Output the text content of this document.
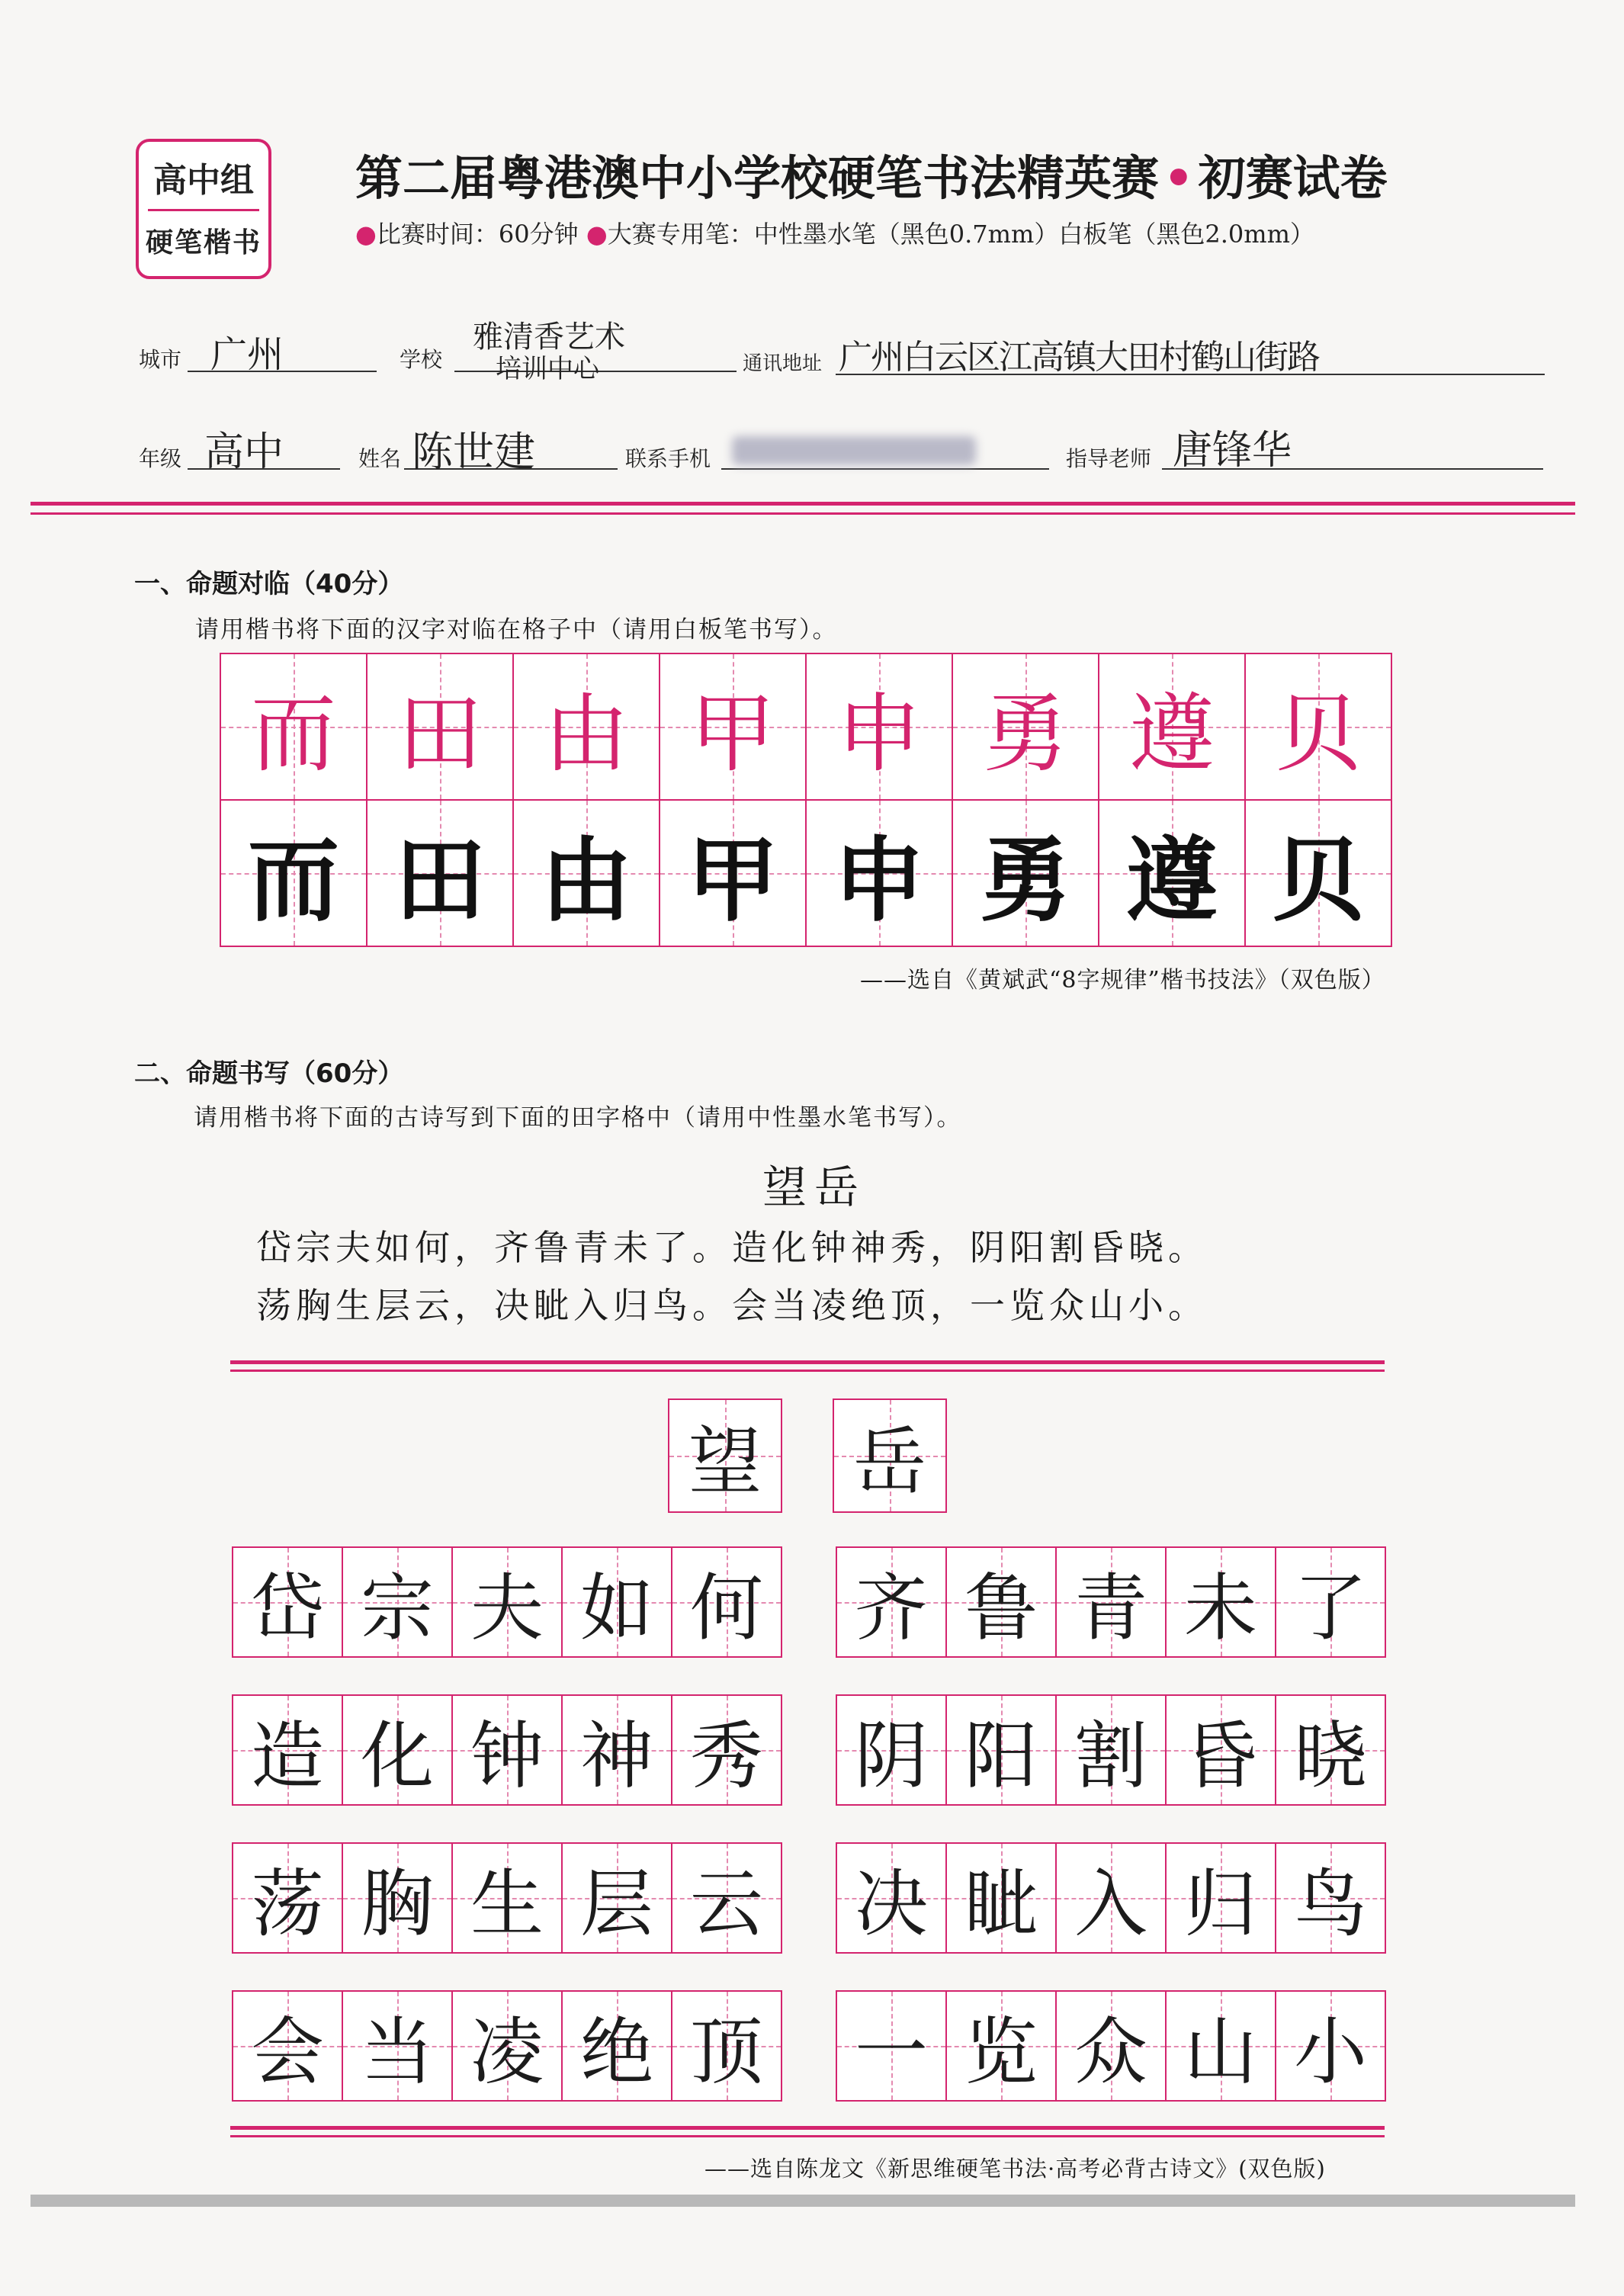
高中组
硬笔楷书
第二届粤港澳中小学校硬笔书法精英赛•初赛试卷
●比赛时间：60分钟 ●大赛专用笔：中性墨水笔（黑色0.7mm）白板笔（黑色2.0mm）
城市 广州	学校
雅清香艺术
培训中心	通讯地址 广州白云区江高镇大田村鹤山街路
年级 高中	姓名 陈世建	联系手机	指导老师 唐锋华
一、命题对临（40分）
请用楷书将下面的汉字对临在格子中（请用白板笔书写）。
而 田 由 甲 申 勇 遵 贝
而 田 由 甲 申 勇 遵 贝
——选自《黄斌武“8字规律”楷书技法》（双色版）
二、命题书写（60分）
请用楷书将下面的古诗写到下面的田字格中（请用中性墨水笔书写）。
望岳
岱宗夫如何，齐鲁青未了。造化钟神秀，阴阳割昏晓。
荡胸生层云，决眦入归鸟。会当凌绝顶，一览众山小。
望 岳
岱 宗 夫 如 何 齐 鲁 青 未 了
造 化 钟 神 秀 阴 阳 割 昏 晓
荡 胸 生 层 云 决 眦 入 归 鸟
会 当 凌 绝 顶 一 览 众 山 小
——选自陈龙文《新思维硬笔书法·高考必背古诗文》(双色版)
